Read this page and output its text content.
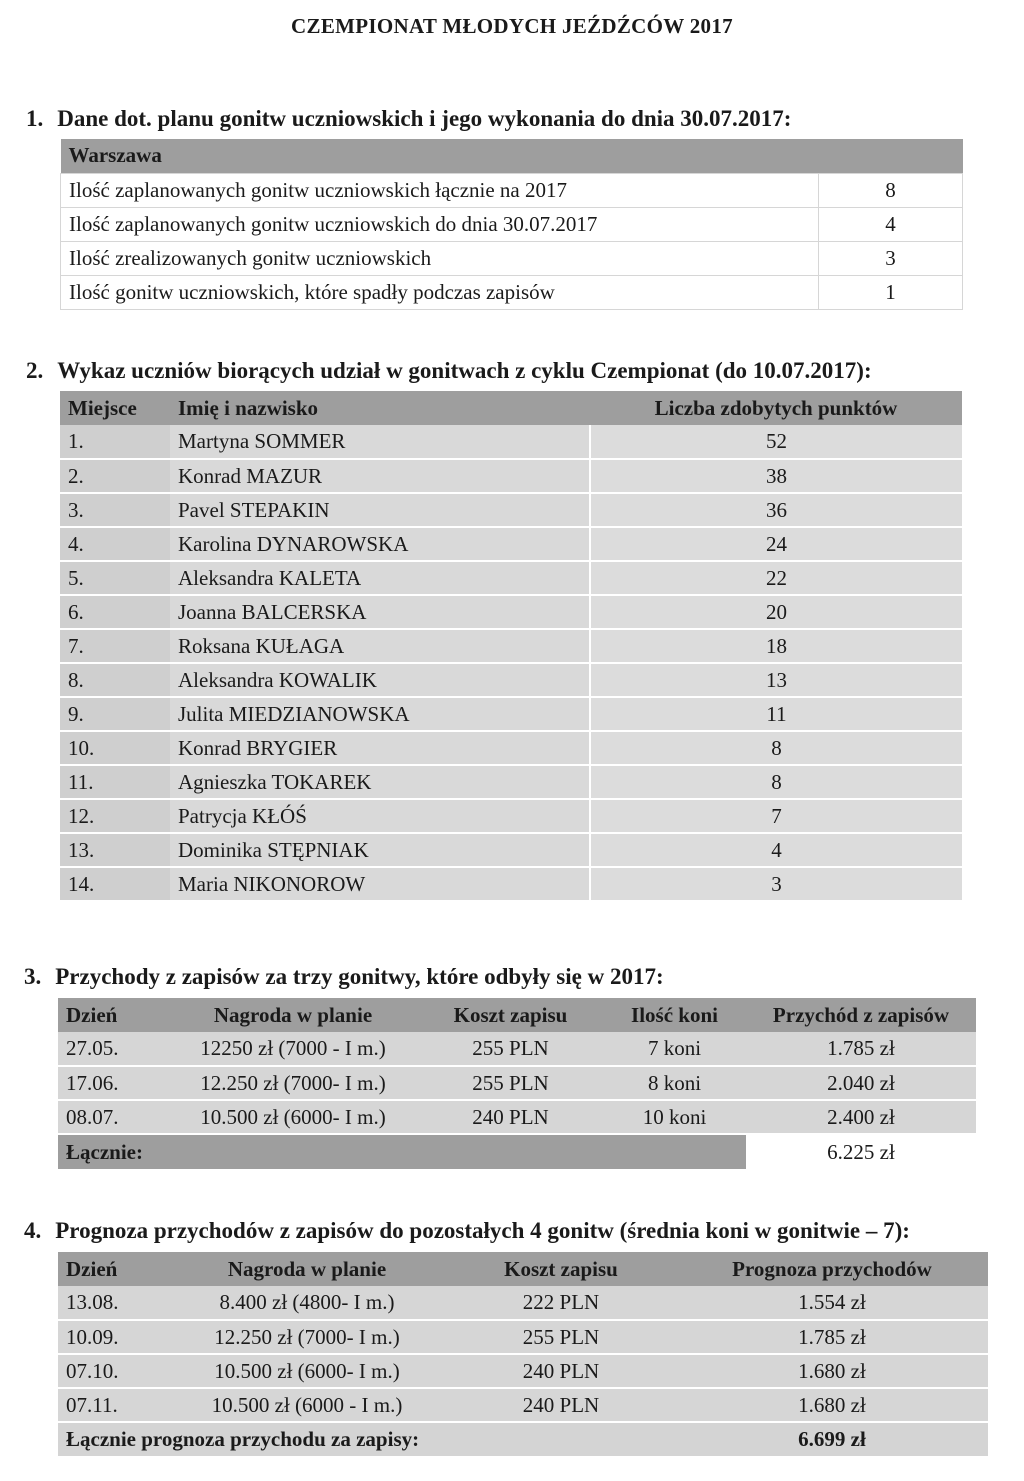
CZEMPIONAT MŁODYCH JEŹDŹCÓW 2017
1. Dane dot. planu gonitw uczniowskich i jego wykonania do dnia 30.07.2017:
Warszawa	
Ilość zaplanowanych gonitw uczniowskich łącznie na 2017	8
Ilość zaplanowanych gonitw uczniowskich do dnia 30.07.2017	4
Ilość zrealizowanych gonitw uczniowskich	3
Ilość gonitw uczniowskich, które spadły podczas zapisów	1
2. Wykaz uczniów biorących udział w gonitwach z cyklu Czempionat (do 10.07.2017):
Miejsce	Imię i nazwisko	Liczba zdobytych punktów
1.	Martyna SOMMER	52
2.	Konrad MAZUR	38
3.	Pavel STEPAKIN	36
4.	Karolina DYNAROWSKA	24
5.	Aleksandra KALETA	22
6.	Joanna BALCERSKA	20
7.	Roksana KUŁAGA	18
8.	Aleksandra KOWALIK	13
9.	Julita MIEDZIANOWSKA	11
10.	Konrad BRYGIER	8
11.	Agnieszka TOKAREK	8
12.	Patrycja KŁÓŚ	7
13.	Dominika STĘPNIAK	4
14.	Maria NIKONOROW	3
3. Przychody z zapisów za trzy gonitwy, które odbyły się w 2017:
Dzień	Nagroda w planie	Koszt zapisu	Ilość koni	Przychód z zapisów
27.05.	12250 zł (7000 - I m.)	255 PLN	7 koni	1.785 zł
17.06.	12.250 zł (7000- I m.)	255 PLN	8 koni	2.040 zł
08.07.	10.500 zł (6000- I m.)	240 PLN	10 koni	2.400 zł
Łącznie:				6.225 zł
4. Prognoza przychodów z zapisów do pozostałych 4 gonitw (średnia koni w gonitwie – 7):
Dzień	Nagroda w planie	Koszt zapisu	Prognoza przychodów
13.08.	8.400 zł (4800- I m.)	222 PLN	1.554 zł
10.09.	12.250 zł (7000- I m.)	255 PLN	1.785 zł
07.10.	10.500 zł (6000- I m.)	240 PLN	1.680 zł
07.11.	10.500 zł (6000 - I m.)	240 PLN	1.680 zł
Łącznie prognoza przychodu za zapisy:			6.699 zł
